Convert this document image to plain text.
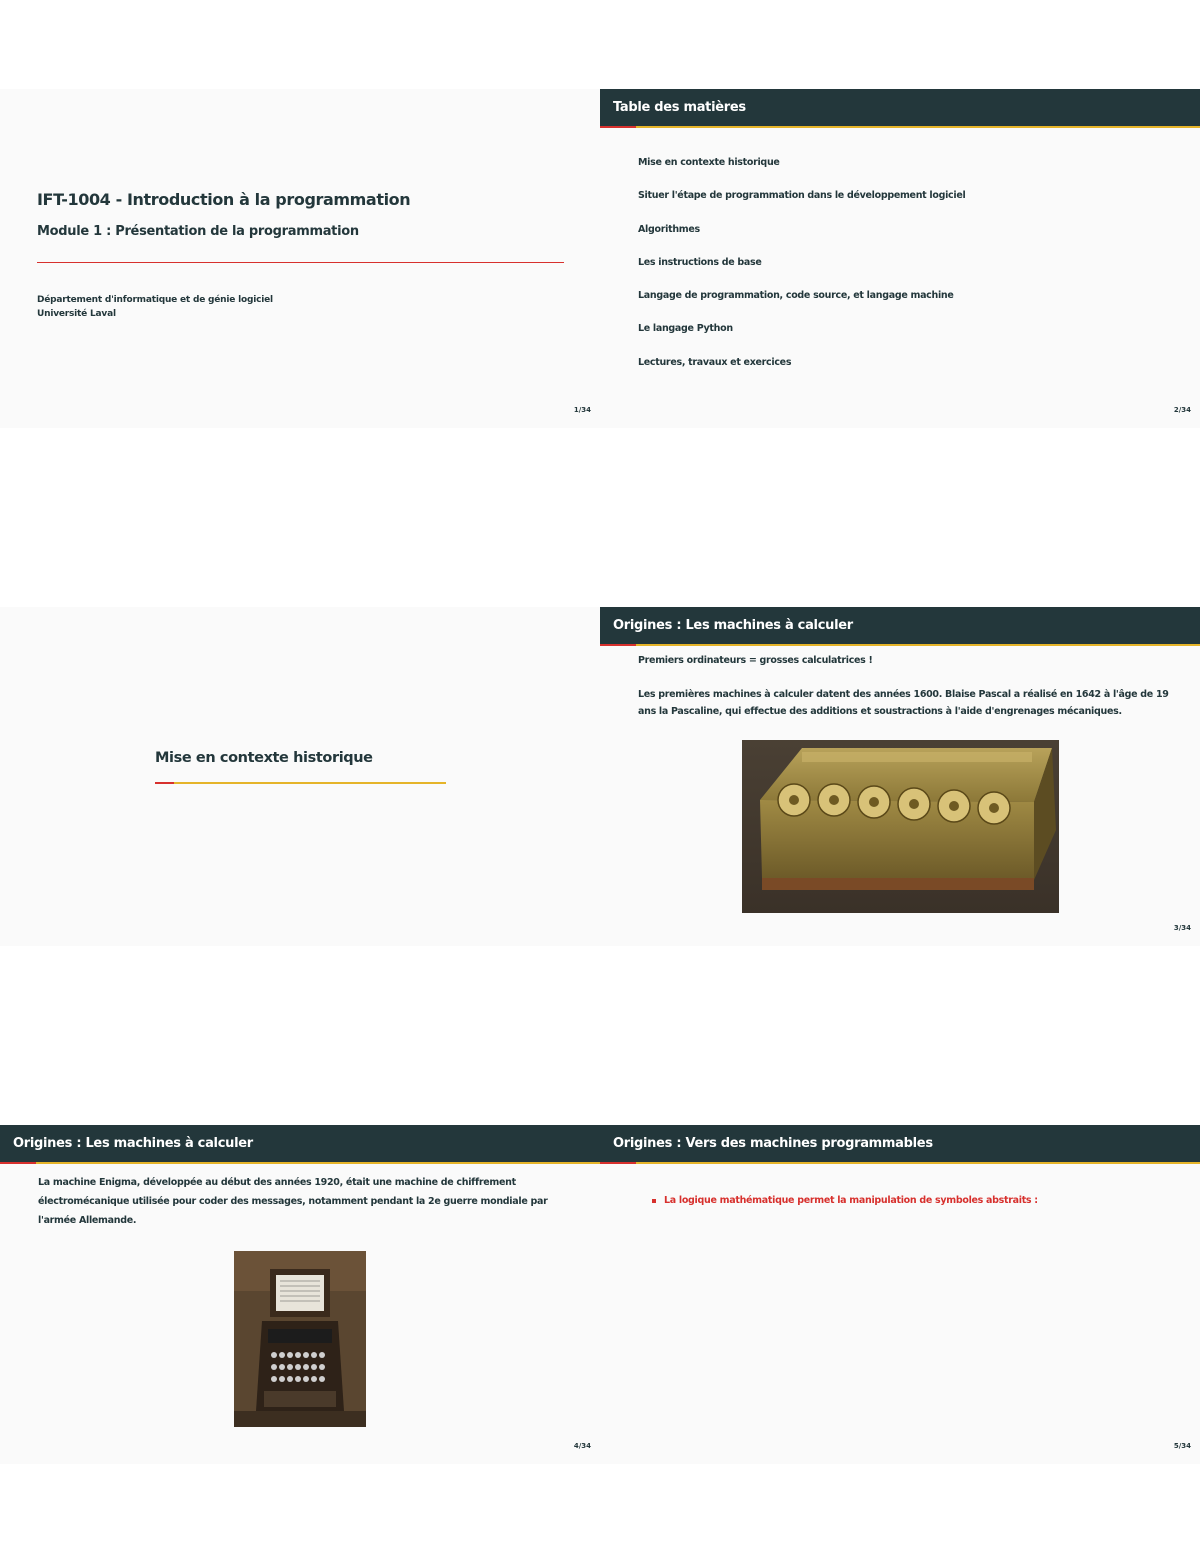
IFT-1004 - Introduction à la programmation
Module 1 : Présentation de la programmation
Département d'informatique et de génie logiciel
Université Laval
1/34
Table des matières
Mise en contexte historique
Situer l'étape de programmation dans le développement logiciel
Algorithmes
Les instructions de base
Langage de programmation, code source, et langage machine
Le langage Python
Lectures, travaux et exercices
2/34
Mise en contexte historique
Origines : Les machines à calculer
Premiers ordinateurs = grosses calculatrices !
Les premières machines à calculer datent des années 1600. Blaise Pascal a réalisé en 1642 à l'âge de 19 ans la Pascaline, qui effectue des additions et soustractions à l'aide d'engrenages mécaniques.
3/34
Origines : Les machines à calculer
La machine Enigma, développée au début des années 1920, était une machine de chiffrement électromécanique utilisée pour coder des messages, notamment pendant la 2e guerre mondiale par l'armée Allemande.
4/34
Origines : Vers des machines programmables
La logique mathématique permet la manipulation de symboles abstraits :
5/34
